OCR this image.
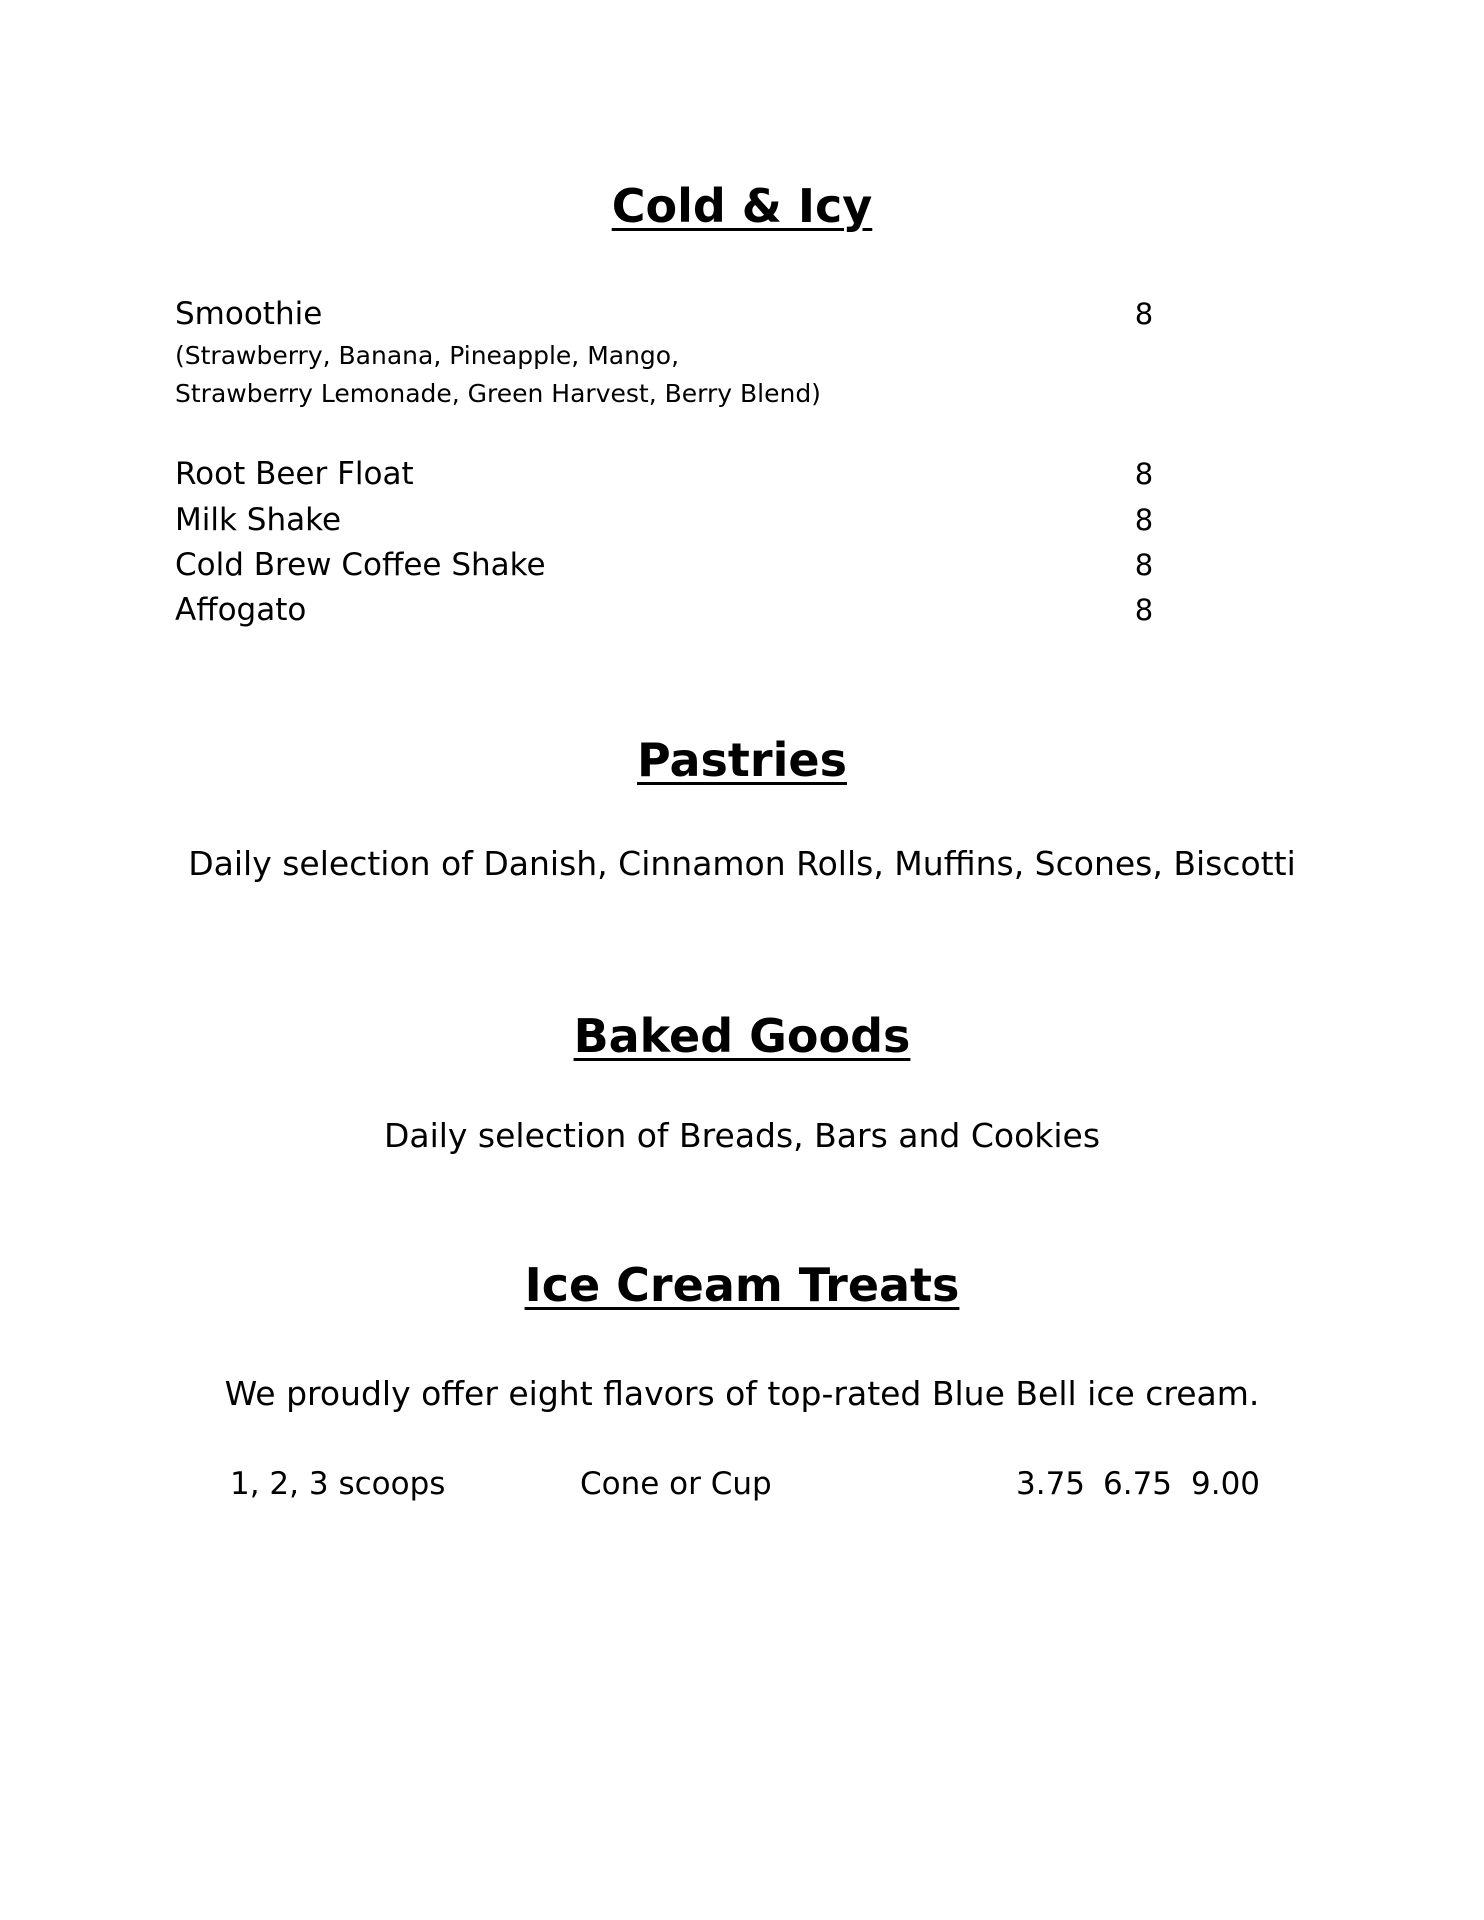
Cold & Icy
Smoothie	8
(Strawberry, Banana, Pineapple, Mango,
Strawberry Lemonade, Green Harvest, Berry Blend)
Root Beer Float	8
Milk Shake	8
Cold Brew Coffee Shake	8
Affogato	8
Pastries
Daily selection of Danish, Cinnamon Rolls, Muffins, Scones, Biscotti
Baked Goods
Daily selection of Breads, Bars and Cookies
Ice Cream Treats
We proudly offer eight flavors of top-rated Blue Bell ice cream.
1, 2, 3 scoops	Cone or Cup	3.75 6.75 9.00
